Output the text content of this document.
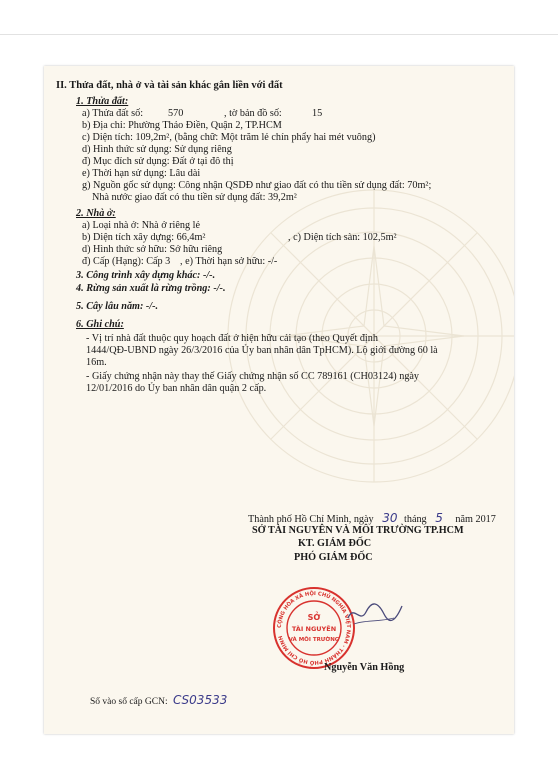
II. Thửa đất, nhà ở và tài sản khác gắn liền với đất
1. Thửa đất:
a) Thửa đất số: 570	, tờ bản đồ số:	15
b) Địa chỉ: Phường Thảo Điền, Quận 2, TP.HCM
c) Diện tích: 109,2m², (bằng chữ: Một trăm lẻ chín phẩy hai mét vuông)
d) Hình thức sử dụng: Sử dụng riêng
đ) Mục đích sử dụng: Đất ở tại đô thị
e) Thời hạn sử dụng: Lâu dài
g) Nguồn gốc sử dụng: Công nhận QSDĐ như giao đất có thu tiền sử dụng đất: 70m²;
Nhà nước giao đất có thu tiền sử dụng đất: 39,2m²
2. Nhà ở:
a) Loại nhà ở: Nhà ở riêng lẻ
b) Diện tích xây dựng: 66,4m²	, c) Diện tích sàn: 102,5m²
d) Hình thức sở hữu: Sở hữu riêng
đ) Cấp (Hạng): Cấp 3 , e) Thời hạn sở hữu: -/-
3. Công trình xây dựng khác: -/-.
4. Rừng sản xuất là rừng trồng: -/-.
5. Cây lâu năm: -/-.
6. Ghi chú:
- Vị trí nhà đất thuộc quy hoạch đất ở hiện hữu cải tạo (theo Quyết định
1444/QĐ-UBND ngày 26/3/2016 của Ủy ban nhân dân TpHCM). Lộ giới đường 60 là
16m.
- Giấy chứng nhận này thay thế Giấy chứng nhận số CC 789161 (CH03124) ngày
12/01/2016 do Ủy ban nhân dân quận 2 cấp.
Thành phố Hồ Chí Minh, ngày 30 tháng 5 năm 2017
SỞ TÀI NGUYÊN VÀ MÔI TRƯỜNG TP.HCM
KT. GIÁM ĐỐC
PHÓ GIÁM ĐỐC
CỘNG HÒA XÃ HỘI CHỦ NGHĨA VIỆT NAM · THÀNH PHỐ HỒ CHÍ MINH
SỞ
TÀI NGUYÊN
VÀ MÔI TRƯỜNG
Nguyễn Văn Hồng
Số vào sổ cấp GCN: CS03533
